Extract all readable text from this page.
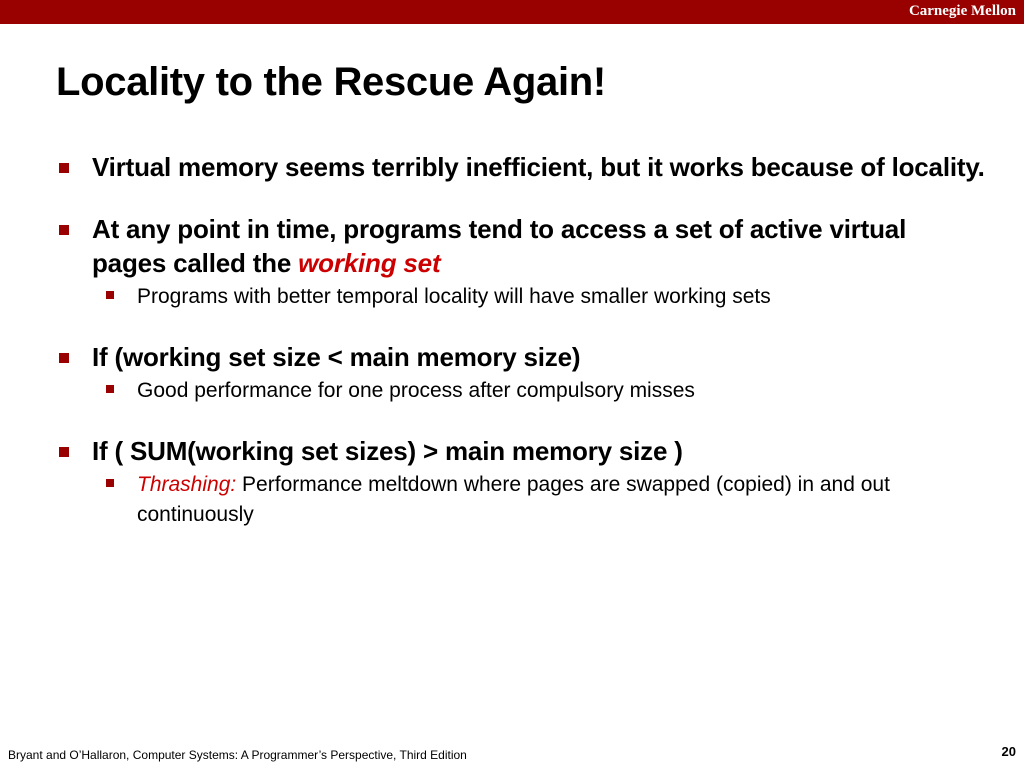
Carnegie Mellon
Locality to the Rescue Again!
Virtual memory seems terribly inefficient, but it works because of locality.
At any point in time, programs tend to access a set of active virtual pages called the working set
Programs with better temporal locality will have smaller working sets
If (working set size < main memory size)
Good performance for one process after compulsory misses
If ( SUM(working set sizes) > main memory size )
Thrashing: Performance meltdown where pages are swapped (copied) in and out continuously
Bryant and O’Hallaron, Computer Systems: A Programmer’s Perspective, Third Edition	20
